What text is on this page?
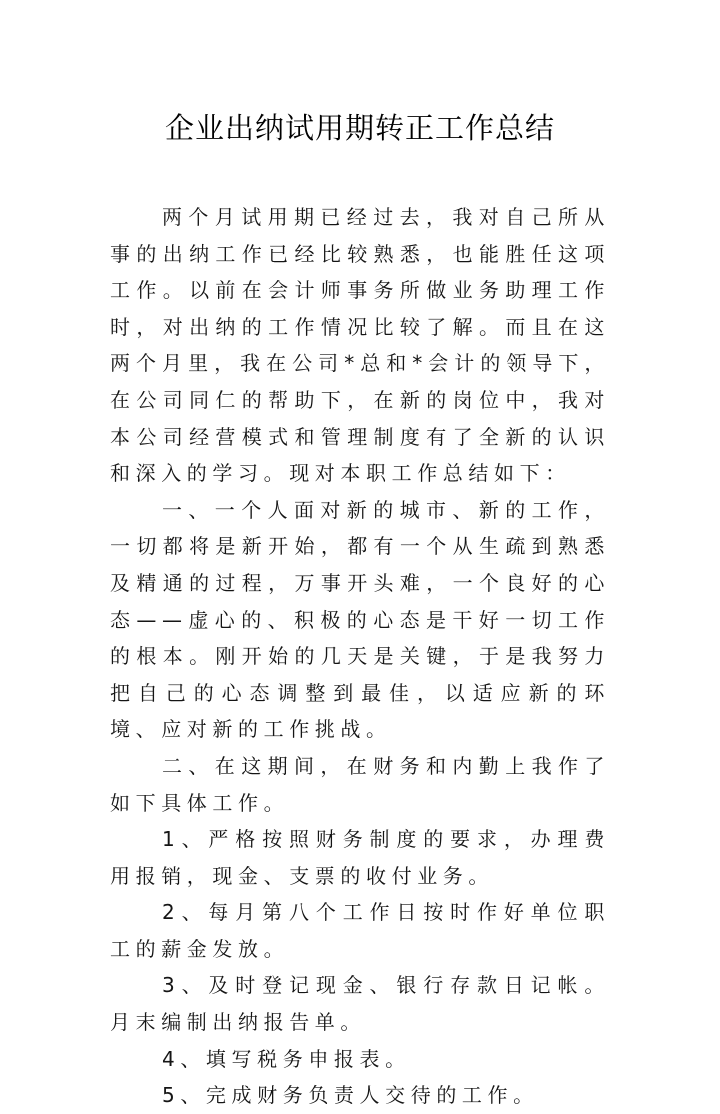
企业出纳试用期转正工作总结

两个月试用期已经过去，我对自己所从事的出纳工作已经比较熟悉，也能胜任这项工作。以前在会计师事务所做业务助理工作时，对出纳的工作情况比较了解。而且在这两个月里，我在公司*总和*会计的领导下，在公司同仁的帮助下，在新的岗位中，我对本公司经营模式和管理制度有了全新的认识和深入的学习。现对本职工作总结如下：

一、一个人面对新的城市、新的工作，一切都将是新开始，都有一个从生疏到熟悉及精通的过程，万事开头难，一个良好的心态——虚心的、积极的心态是干好一切工作的根本。刚开始的几天是关键，于是我努力把自己的心态调整到最佳，以适应新的环境、应对新的工作挑战。

二、在这期间，在财务和内勤上我作了如下具体工作。

1、严格按照财务制度的要求，办理费用报销，现金、支票的收付业务。

2、每月第八个工作日按时作好单位职工的薪金发放。

3、及时登记现金、银行存款日记帐。月末编制出纳报告单。

4、填写税务申报表。

5、完成财务负责人交待的工作。
